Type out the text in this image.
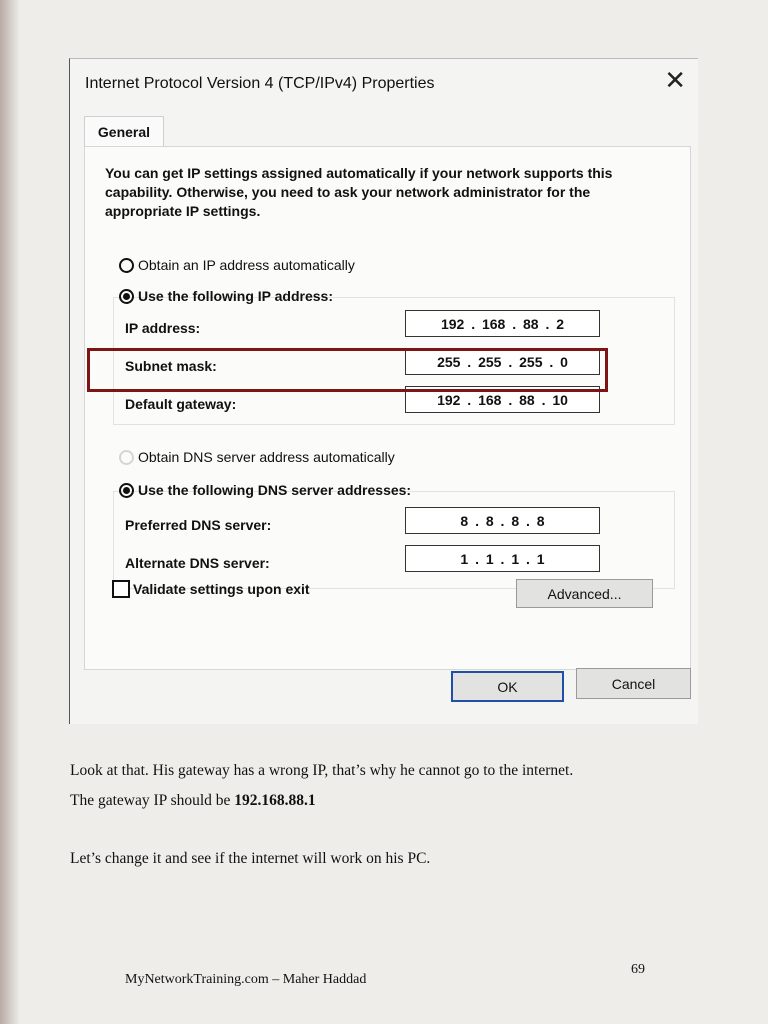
Internet Protocol Version 4 (TCP/IPv4) Properties	✕
General
You can get IP settings assigned automatically if your network supports this capability. Otherwise, you need to ask your network administrator for the appropriate IP settings.
Obtain an IP address automatically
Use the following IP address:
IP address:	192 . 168 . 88 . 2
Subnet mask:	255 . 255 . 255 . 0
Default gateway:	192 . 168 . 88 . 10
Obtain DNS server address automatically
Use the following DNS server addresses:
Preferred DNS server:	8 . 8 . 8 . 8
Alternate DNS server:	1 . 1 . 1 . 1
Validate settings upon exit	Advanced...
OK	Cancel
Look at that. His gateway has a wrong IP, that’s why he cannot go to the internet.
The gateway IP should be 192.168.88.1
Let’s change it and see if the internet will work on his PC.
69
MyNetworkTraining.com – Maher Haddad
